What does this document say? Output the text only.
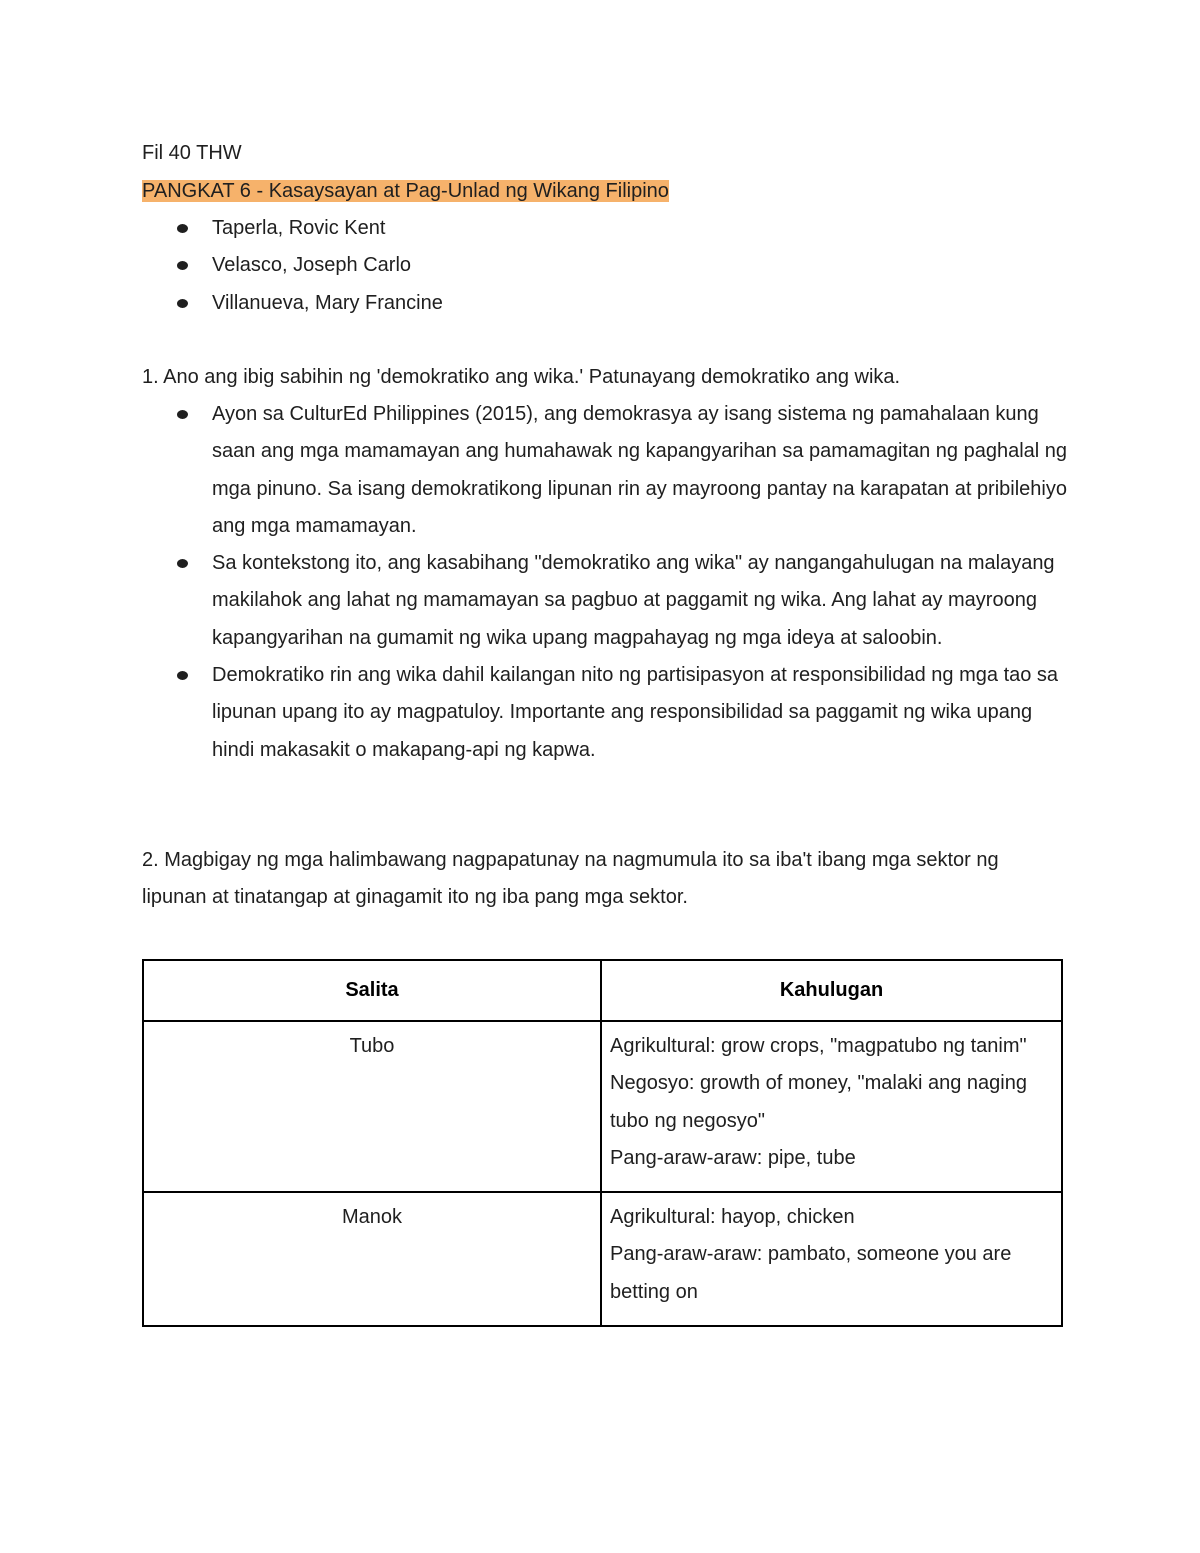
Fil 40 THW
PANGKAT 6 - Kasaysayan at Pag-Unlad ng Wikang Filipino
Taperla, Rovic Kent
Velasco, Joseph Carlo
Villanueva, Mary Francine
1. Ano ang ibig sabihin ng 'demokratiko ang wika.' Patunayang demokratiko ang wika.
Ayon sa CulturEd Philippines (2015), ang demokrasya ay isang sistema ng pamahalaan kung saan ang mga mamamayan ang humahawak ng kapangyarihan sa pamamagitan ng paghalal ng mga pinuno. Sa isang demokratikong lipunan rin ay mayroong pantay na karapatan at pribilehiyo ang mga mamamayan.
Sa kontekstong ito, ang kasabihang "demokratiko ang wika" ay nangangahulugan na malayang makilahok ang lahat ng mamamayan sa pagbuo at paggamit ng wika. Ang lahat ay mayroong kapangyarihan na gumamit ng wika upang magpahayag ng mga ideya at saloobin.
Demokratiko rin ang wika dahil kailangan nito ng partisipasyon at responsibilidad ng mga tao sa lipunan upang ito ay magpatuloy. Importante ang responsibilidad sa paggamit ng wika upang hindi makasakit o makapang-api ng kapwa.
2. Magbigay ng mga halimbawang nagpapatunay na nagmumula ito sa iba't ibang mga sektor ng lipunan at tinatangap at ginagamit ito ng iba pang mga sektor.
Salita	Kahulugan
Tubo	Agrikultural: grow crops, "magpatubo ng tanim"
Negosyo: growth of money, "malaki ang naging tubo ng negosyo"
Pang-araw-araw: pipe, tube

Manok	Agrikultural: hayop, chicken
Pang-araw-araw: pambato, someone you are betting on
